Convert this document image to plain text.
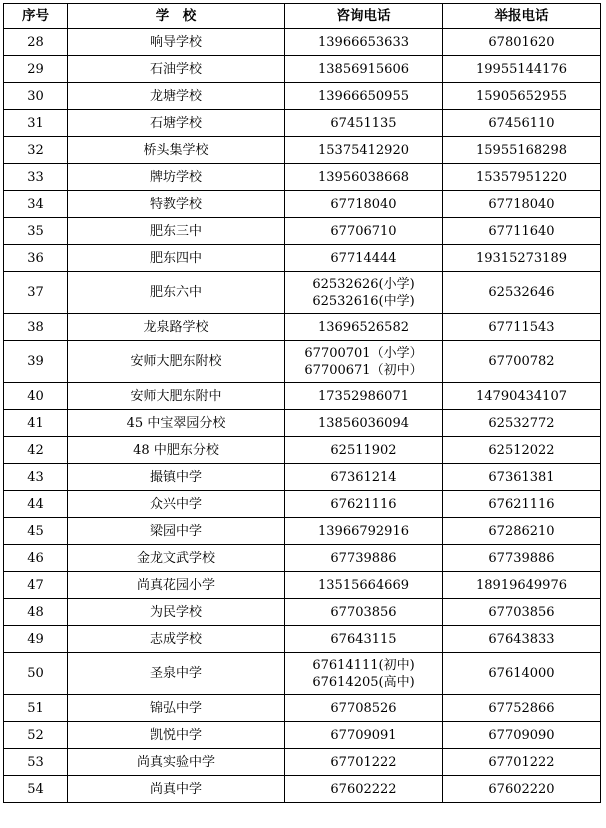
序号	学　校	咨询电话	举报电话
28	响导学校	13966653633	67801620
29	石油学校	13856915606	19955144176
30	龙塘学校	13966650955	15905652955
31	石塘学校	67451135	67456110
32	桥头集学校	15375412920	15955168298
33	牌坊学校	13956038668	15357951220
34	特教学校	67718040	67718040
35	肥东三中	67706710	67711640
36	肥东四中	67714444	19315273189
37	肥东六中	62532626(小学)
62532616(中学)	62532646
38	龙泉路学校	13696526582	67711543
39	安师大肥东附校	67700701（小学）
67700671（初中）	67700782
40	安师大肥东附中	17352986071	14790434107
41	45 中宝翠园分校	13856036094	62532772
42	48 中肥东分校	62511902	62512022
43	撮镇中学	67361214	67361381
44	众兴中学	67621116	67621116
45	梁园中学	13966792916	67286210
46	金龙文武学校	67739886	67739886
47	尚真花园小学	13515664669	18919649976
48	为民学校	67703856	67703856
49	志成学校	67643115	67643833
50	圣泉中学	67614111(初中)
67614205(高中)	67614000
51	锦弘中学	67708526	67752866
52	凯悦中学	67709091	67709090
53	尚真实验中学	67701222	67701222
54	尚真中学	67602222	67602220
